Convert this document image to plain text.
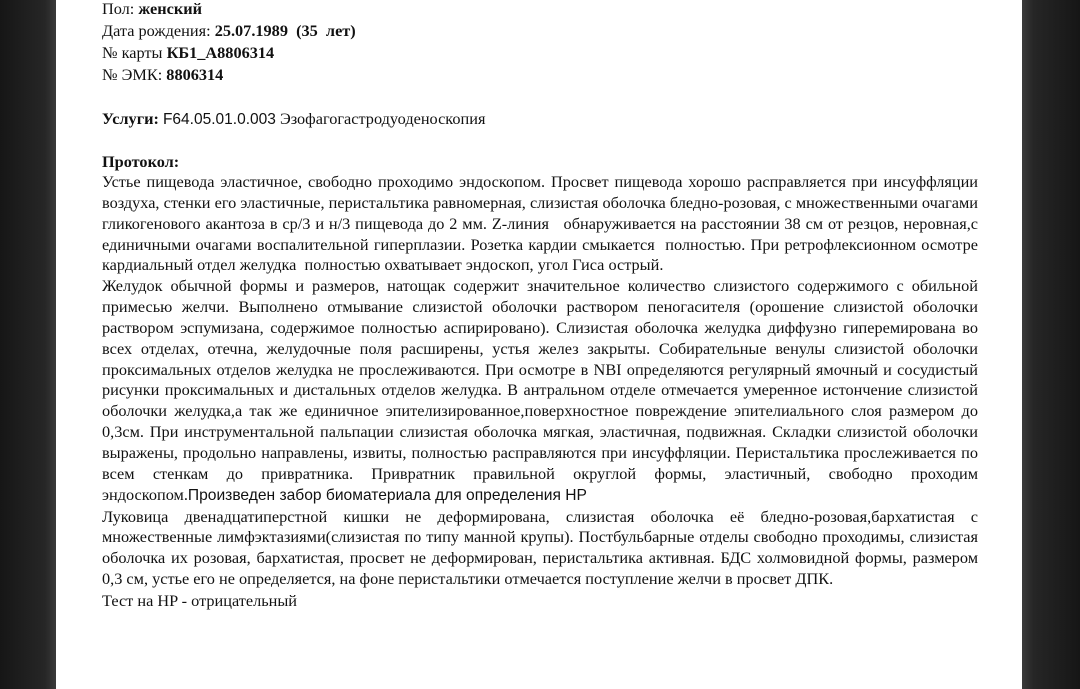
Пол: женский
Дата рождения: 25.07.1989 (35  лет)
№ карты КБ1_А8806314
№ ЭМК: 8806314
Услуги: F64.05.01.0.003 Эзофагогастродуоденоскопия
Протокол:

Устье пищевода эластичное, свободно проходимо эндоскопом. Просвет пищевода хорошо расправляется при инсуффляции воздуха, стенки его эластичные, перистальтика равномерная, слизистая оболочка бледно-розовая, с множественными очагами гликогенового акантоза в ср/3 и н/3 пищевода до 2 мм. Z-линия   обнаруживается на расстоянии 38 см от резцов, неровная,с единичными очагами воспалительной гиперплазии. Розетка кардии смыкается  полностью. При ретрофлексионном осмотре кардиальный отдел желудка  полностью охватывает эндоскоп, угол Гиса острый.

Желудок обычной формы и размеров, натощак содержит значительное количество слизистого содержимого с обильной примесью желчи. Выполнено отмывание слизистой оболочки раствором пеногасителя (орошение слизистой оболочки раствором эспумизана, содержимое полностью аспирировано). Слизистая оболочка желудка диффузно гиперемирована во всех отделах, отечна, желудочные поля расширены, устья желез закрыты. Собирательные венулы слизистой оболочки проксимальных отделов желудка не прослеживаются. При осмотре в NBI определяются регулярный ямочный и сосудистый рисунки проксимальных и дистальных отделов желудка. В антральном отделе отмечается умеренное истончение слизистой оболочки желудка,а так же единичное эпителизированное,поверхностное повреждение эпителиального слоя размером до 0,3см. При инструментальной пальпации слизистая оболочка мягкая, эластичная, подвижная. Складки слизистой оболочки выражены, продольно направлены, извиты, полностью расправляются при инсуффляции. Перистальтика прослеживается по всем стенкам до привратника. Привратник правильной округлой формы, эластичный, свободно проходим эндоскопом.Произведен забор биоматериала для определения HP

Луковица двенадцатиперстной кишки не деформирована, слизистая оболочка её бледно-розовая,бархатистая с множественные лимфэктазиями(слизистая по типу манной крупы). Постбульбарные отделы свободно проходимы, слизистая оболочка их розовая, бархатистая, просвет не деформирован, перистальтика активная. БДС холмовидной формы, размером 0,3 см, устье его не определяется, на фоне перистальтики отмечается поступление желчи в просвет ДПК.

Тест на HP - отрицательный
